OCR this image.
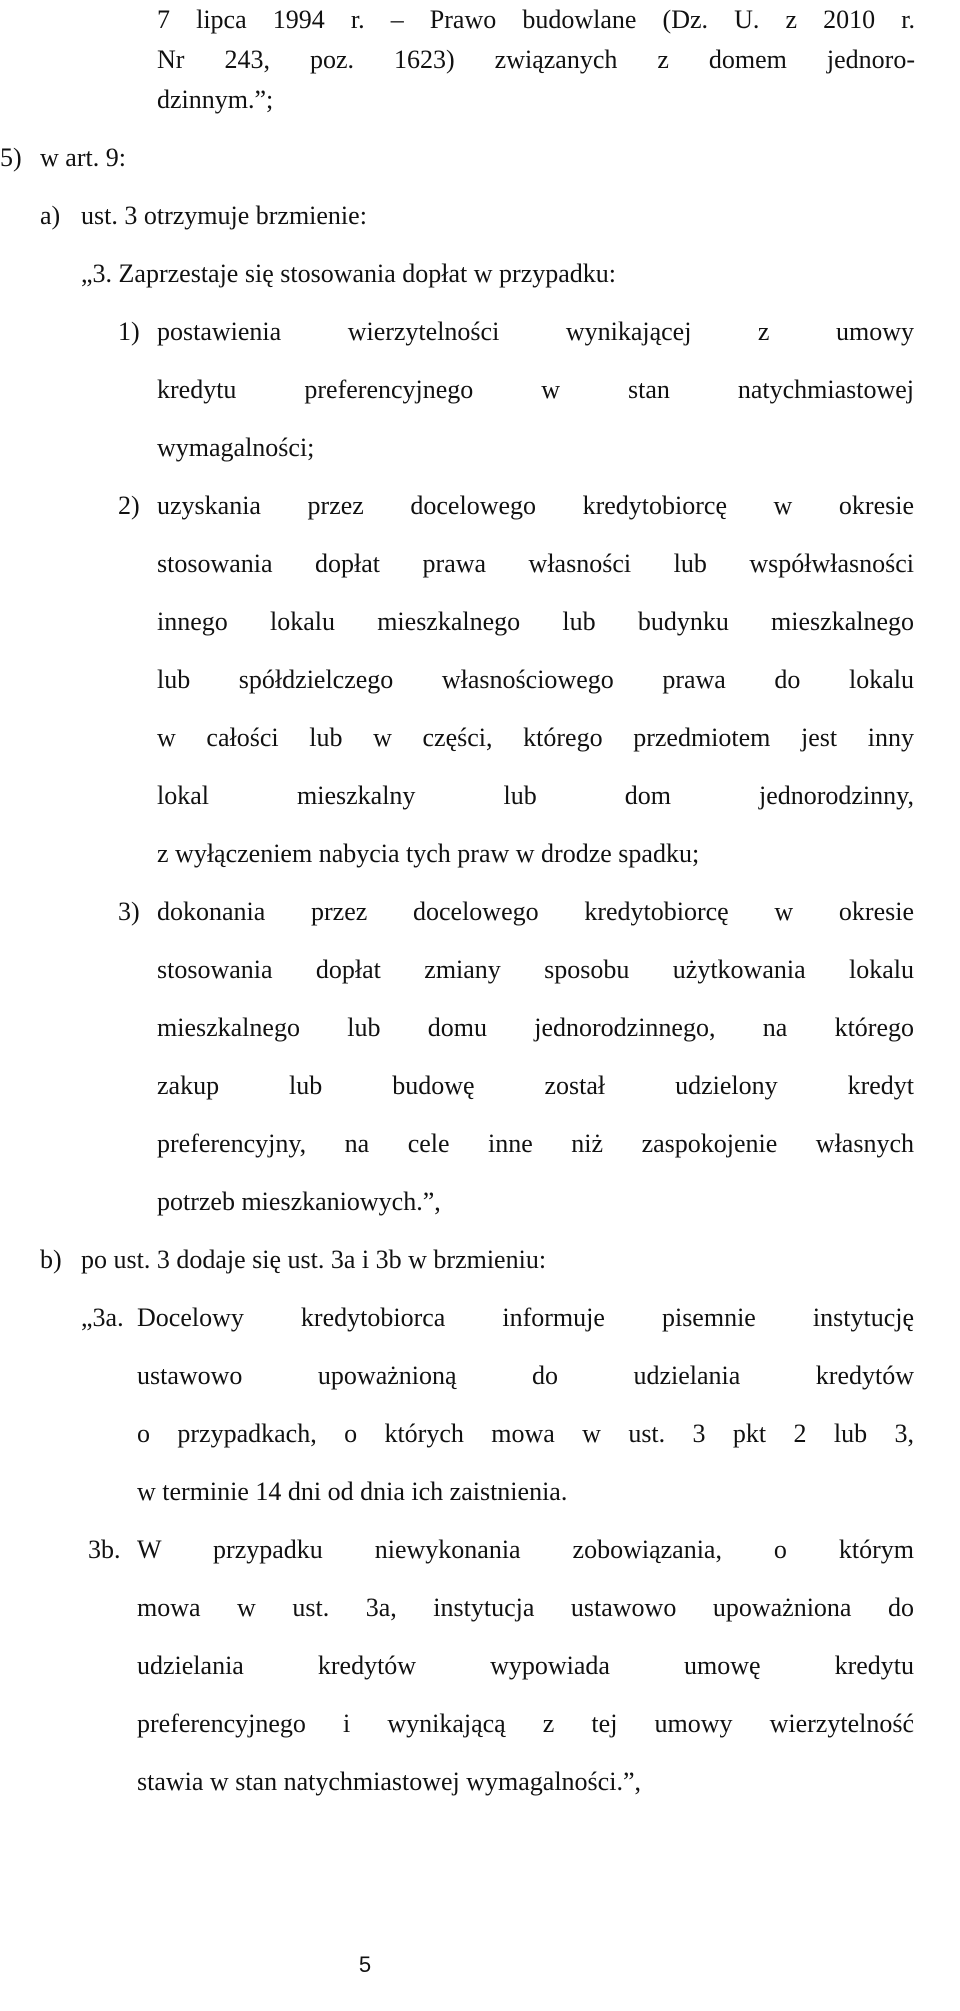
7 lipca 1994 r. – Prawo budowlane (Dz. U. z 2010 r.
Nr 243, poz. 1623) związanych z domem jednoro-
dzinnym.”;
5) w art. 9:
a) ust. 3 otrzymuje brzmienie:
„3. Zaprzestaje się stosowania dopłat w przypadku:
1) postawienia wierzytelności wynikającej z umowy
kredytu preferencyjnego w stan natychmiastowej
wymagalności;
2) uzyskania przez docelowego kredytobiorcę w okresie
stosowania dopłat prawa własności lub współwłasności
innego lokalu mieszkalnego lub budynku mieszkalnego
lub spółdzielczego własnościowego prawa do lokalu
w całości lub w części, którego przedmiotem jest inny
lokal mieszkalny lub dom jednorodzinny,
z wyłączeniem nabycia tych praw w drodze spadku;
3) dokonania przez docelowego kredytobiorcę w okresie
stosowania dopłat zmiany sposobu użytkowania lokalu
mieszkalnego lub domu jednorodzinnego, na którego
zakup lub budowę został udzielony kredyt
preferencyjny, na cele inne niż zaspokojenie własnych
potrzeb mieszkaniowych.”,
b) po ust. 3 dodaje się ust. 3a i 3b w brzmieniu:
„3a. Docelowy kredytobiorca informuje pisemnie instytucję
ustawowo upoważnioną do udzielania kredytów
o przypadkach, o których mowa w ust. 3 pkt 2 lub 3,
w terminie 14 dni od dnia ich zaistnienia.
3b. W przypadku niewykonania zobowiązania, o którym
mowa w ust. 3a, instytucja ustawowo upoważniona do
udzielania kredytów wypowiada umowę kredytu
preferencyjnego i wynikającą z tej umowy wierzytelność
stawia w stan natychmiastowej wymagalności.”,
5
